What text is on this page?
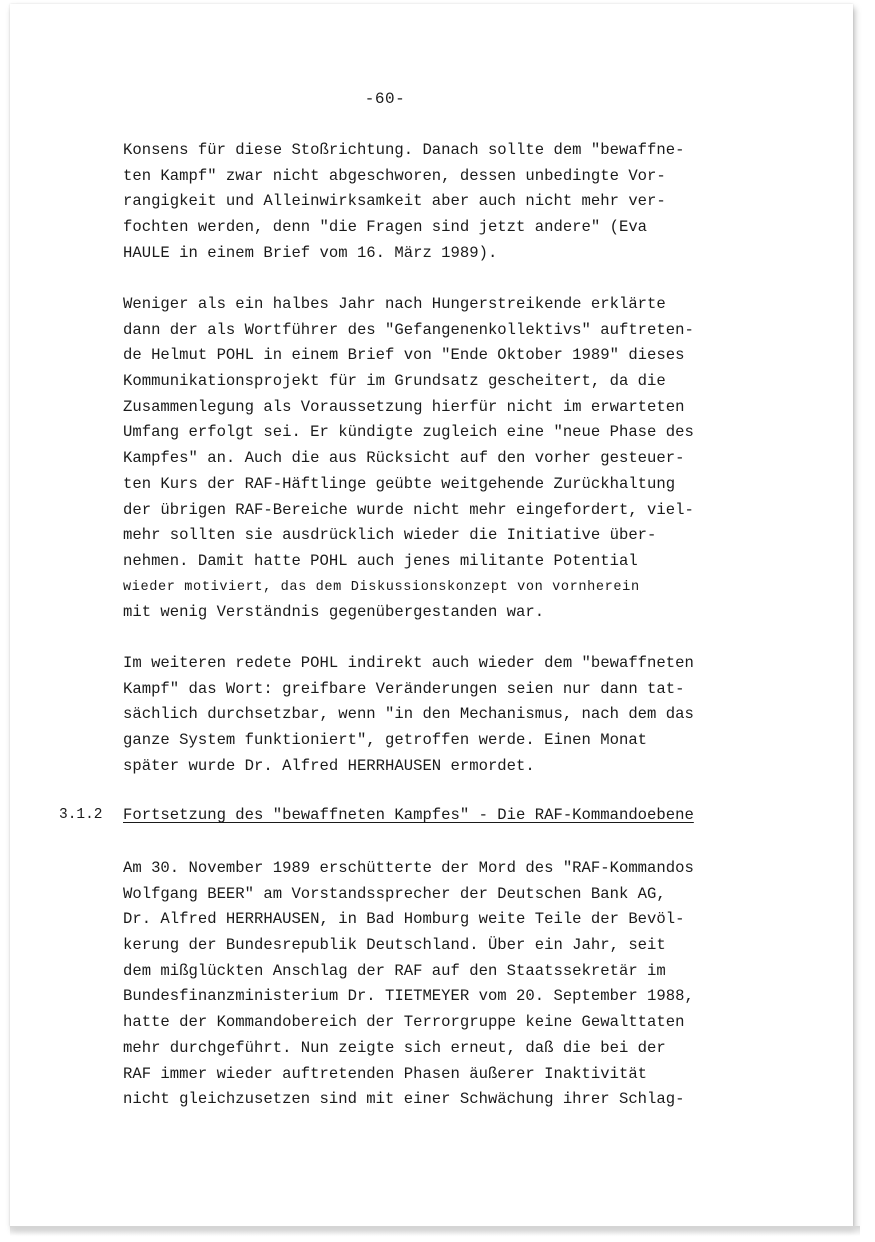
-60-
Konsens für diese Stoßrichtung. Danach sollte dem "bewaffne-
ten Kampf" zwar nicht abgeschworen, dessen unbedingte Vor-
rangigkeit und Alleinwirksamkeit aber auch nicht mehr ver-
fochten werden, denn "die Fragen sind jetzt andere" (Eva
HAULE in einem Brief vom 16. März 1989).
Weniger als ein halbes Jahr nach Hungerstreikende erklärte
dann der als Wortführer des "Gefangenenkollektivs" auftreten-
de Helmut POHL in einem Brief von "Ende Oktober 1989" dieses
Kommunikationsprojekt für im Grundsatz gescheitert, da die
Zusammenlegung als Voraussetzung hierfür nicht im erwarteten
Umfang erfolgt sei. Er kündigte zugleich eine "neue Phase des
Kampfes" an. Auch die aus Rücksicht auf den vorher gesteuer-
ten Kurs der RAF-Häftlinge geübte weitgehende Zurückhaltung
der übrigen RAF-Bereiche wurde nicht mehr eingefordert, viel-
mehr sollten sie ausdrücklich wieder die Initiative über-
nehmen. Damit hatte POHL auch jenes militante Potential
wieder motiviert, das dem Diskussionskonzept von vornherein
mit wenig Verständnis gegenübergestanden war.
Im weiteren redete POHL indirekt auch wieder dem "bewaffneten
Kampf" das Wort: greifbare Veränderungen seien nur dann tat-
sächlich durchsetzbar, wenn "in den Mechanismus, nach dem das
ganze System funktioniert", getroffen werde. Einen Monat
später wurde Dr. Alfred HERRHAUSEN ermordet.
3.1.2 Fortsetzung des "bewaffneten Kampfes" - Die RAF-Kommandoebene
Am 30. November 1989 erschütterte der Mord des "RAF-Kommandos
Wolfgang BEER" am Vorstandssprecher der Deutschen Bank AG,
Dr. Alfred HERRHAUSEN, in Bad Homburg weite Teile der Bevöl-
kerung der Bundesrepublik Deutschland. Über ein Jahr, seit
dem mißglückten Anschlag der RAF auf den Staatssekretär im
Bundesfinanzministerium Dr. TIETMEYER vom 20. September 1988,
hatte der Kommandobereich der Terrorgruppe keine Gewalttaten
mehr durchgeführt. Nun zeigte sich erneut, daß die bei der
RAF immer wieder auftretenden Phasen äußerer Inaktivität
nicht gleichzusetzen sind mit einer Schwächung ihrer Schlag-
